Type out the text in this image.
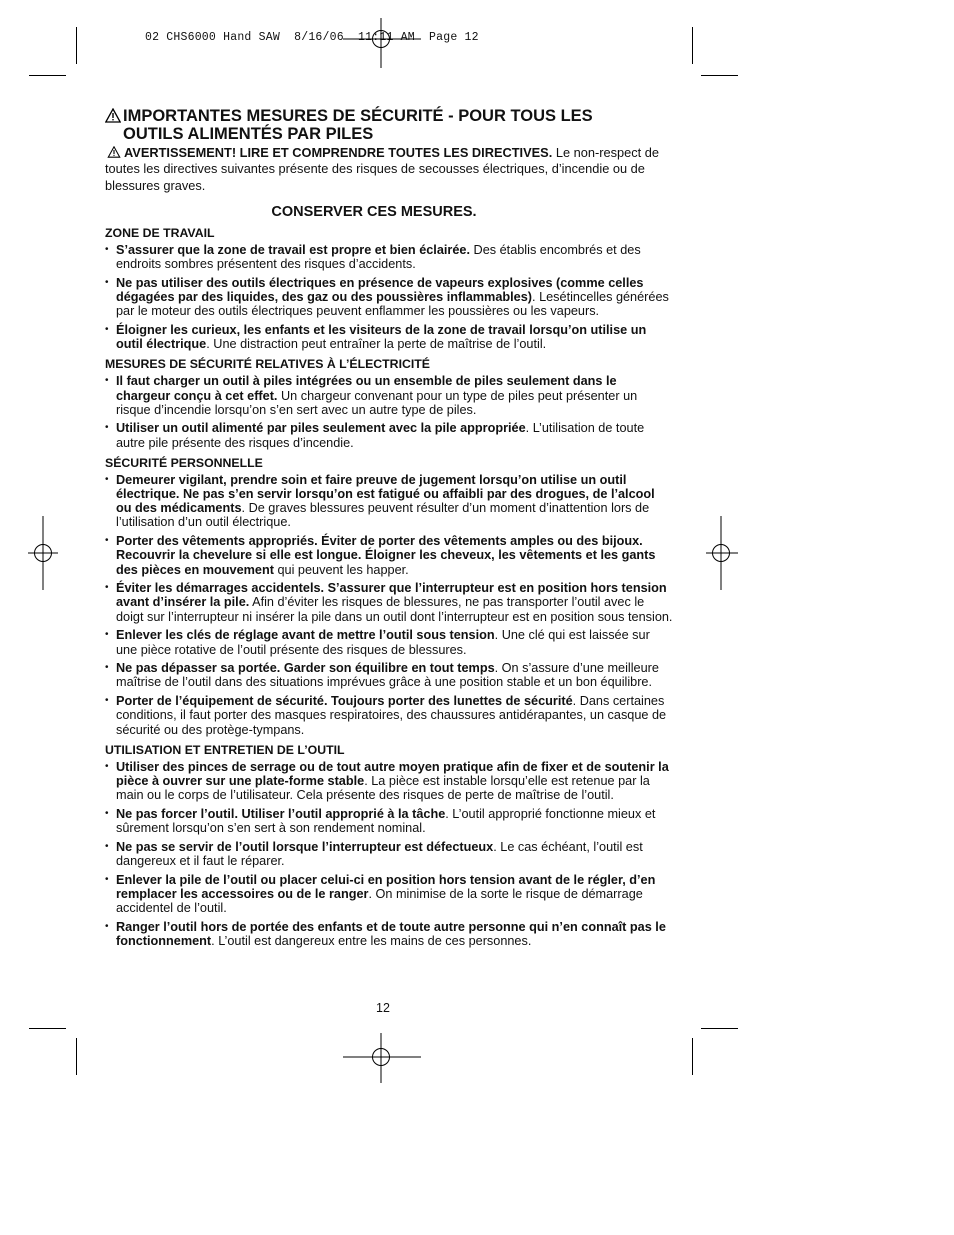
02 CHS6000 Hand SAW  8/16/06  11:11 AM  Page 12
IMPORTANTES MESURES DE SÉCURITÉ - POUR TOUS LES
OUTILS ALIMENTÉS PAR PILES
AVERTISSEMENT! LIRE ET COMPRENDRE TOUTES LES DIRECTIVES. Le non-respect de toutes les directives suivantes présente des risques de secousses électriques, d’incendie ou de blessures graves.
CONSERVER CES MESURES.
ZONE DE TRAVAIL
• S’assurer que la zone de travail est propre et bien éclairée. Des établis encombrés et des endroits sombres présentent des risques d’accidents.
• Ne pas utiliser des outils électriques en présence de vapeurs explosives (comme celles dégagées par des liquides, des gaz ou des poussières inflammables). Lesétincelles générées par le moteur des outils électriques peuvent enflammer les poussières ou les vapeurs.
• Éloigner les curieux, les enfants et les visiteurs de la zone de travail lorsqu’on utilise un outil électrique. Une distraction peut entraîner la perte de maîtrise de l’outil.
MESURES DE SÉCURITÉ RELATIVES À L’ÉLECTRICITÉ
• Il faut charger un outil à piles intégrées ou un ensemble de piles seulement dans le chargeur conçu à cet effet. Un chargeur convenant pour un type de piles peut présenter un risque d’incendie lorsqu’on s’en sert avec un autre type de piles.
• Utiliser un outil alimenté par piles seulement avec la pile appropriée. L’utilisation de toute autre pile présente des risques d’incendie.
SÉCURITÉ PERSONNELLE
• Demeurer vigilant, prendre soin et faire preuve de jugement lorsqu’on utilise un outil électrique. Ne pas s’en servir lorsqu’on est fatigué ou affaibli par des drogues, de l’alcool ou des médicaments. De graves blessures peuvent résulter d’un moment d’inattention lors de l’utilisation d’un outil électrique.
• Porter des vêtements appropriés. Éviter de porter des vêtements amples ou des bijoux. Recouvrir la chevelure si elle est longue. Éloigner les cheveux, les vêtements et les gants des pièces en mouvement qui peuvent les happer.
• Éviter les démarrages accidentels. S’assurer que l’interrupteur est en position hors tension avant d’insérer la pile. Afin d’éviter les risques de blessures, ne pas transporter l’outil avec le doigt sur l’interrupteur ni insérer la pile dans un outil dont l’interrupteur est en position sous tension.
• Enlever les clés de réglage avant de mettre l’outil sous tension. Une clé qui est laissée sur une pièce rotative de l’outil présente des risques de blessures.
• Ne pas dépasser sa portée. Garder son équilibre en tout temps. On s’assure d’une meilleure maîtrise de l’outil dans des situations imprévues grâce à une position stable et un bon équilibre.
• Porter de l’équipement de sécurité. Toujours porter des lunettes de sécurité. Dans certaines conditions, il faut porter des masques respiratoires, des chaussures antidérapantes, un casque de sécurité ou des protège-tympans.
UTILISATION ET ENTRETIEN DE L’OUTIL
• Utiliser des pinces de serrage ou de tout autre moyen pratique afin de fixer et de soutenir la pièce à ouvrer sur une plate-forme stable. La pièce est instable lorsqu’elle est retenue par la main ou le corps de l’utilisateur. Cela présente des risques de perte de maîtrise de l’outil.
• Ne pas forcer l’outil. Utiliser l’outil approprié à la tâche. L’outil approprié fonctionne mieux et sûrement lorsqu’on s’en sert à son rendement nominal.
• Ne pas se servir de l’outil lorsque l’interrupteur est défectueux. Le cas échéant, l’outil est dangereux et il faut le réparer.
• Enlever la pile de l’outil ou placer celui-ci en position hors tension avant de le régler, d’en remplacer les accessoires ou de le ranger. On minimise de la sorte le risque de démarrage accidentel de l’outil.
• Ranger l’outil hors de portée des enfants et de toute autre personne qui n’en connaît pas le fonctionnement. L’outil est dangereux entre les mains de ces personnes.
12
